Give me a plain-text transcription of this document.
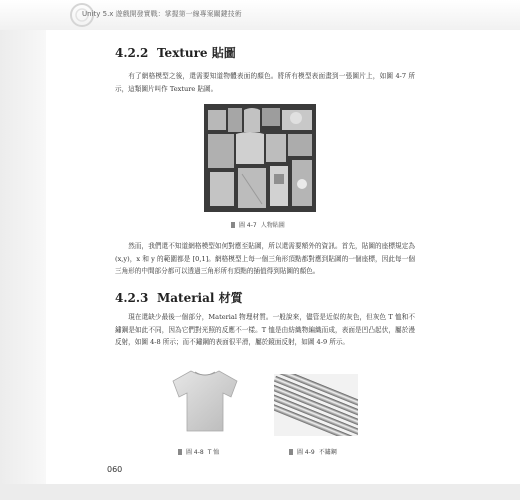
Unity 5.x 遊戲開發實戰：掌握第一線專案關鍵技術
4.2.2 Texture 貼圖

有了網格模型之後，還需要知道物體表面的顏色。將所有模型表面畫到一張圖片上，如圖 4-7 所示，這類圖片叫作 Texture 貼圖。

圖 4-7 人物貼圖

然而，我們還不知道網格模型如何對應至貼圖，所以還需要額外的資訊。首先，貼圖的座標規定為 (x,y)，x 和 y 的範圍都是 [0,1]。網格模型上每一個三角形頂點都對應到貼圖的一個座標，因此每一個三角形的中間部分都可以透過三角形所有頂點的插值得到貼圖的顏色。

4.2.3 Material 材質

現在還缺少最後一個部分，Material 物理材質。一般說來，儘管是近似的灰色，但灰色 T 恤和不鏽鋼是如此不同，因為它們對光照的反應不一樣。T 恤是由紡織物編織而成，表面是凹凸起伏，屬於漫反射，如圖 4-8 所示；而不鏽鋼的表面很平滑，屬於鏡面反射，如圖 4-9 所示。

圖 4-8 T 恤	圖 4-9 不鏽鋼
060
